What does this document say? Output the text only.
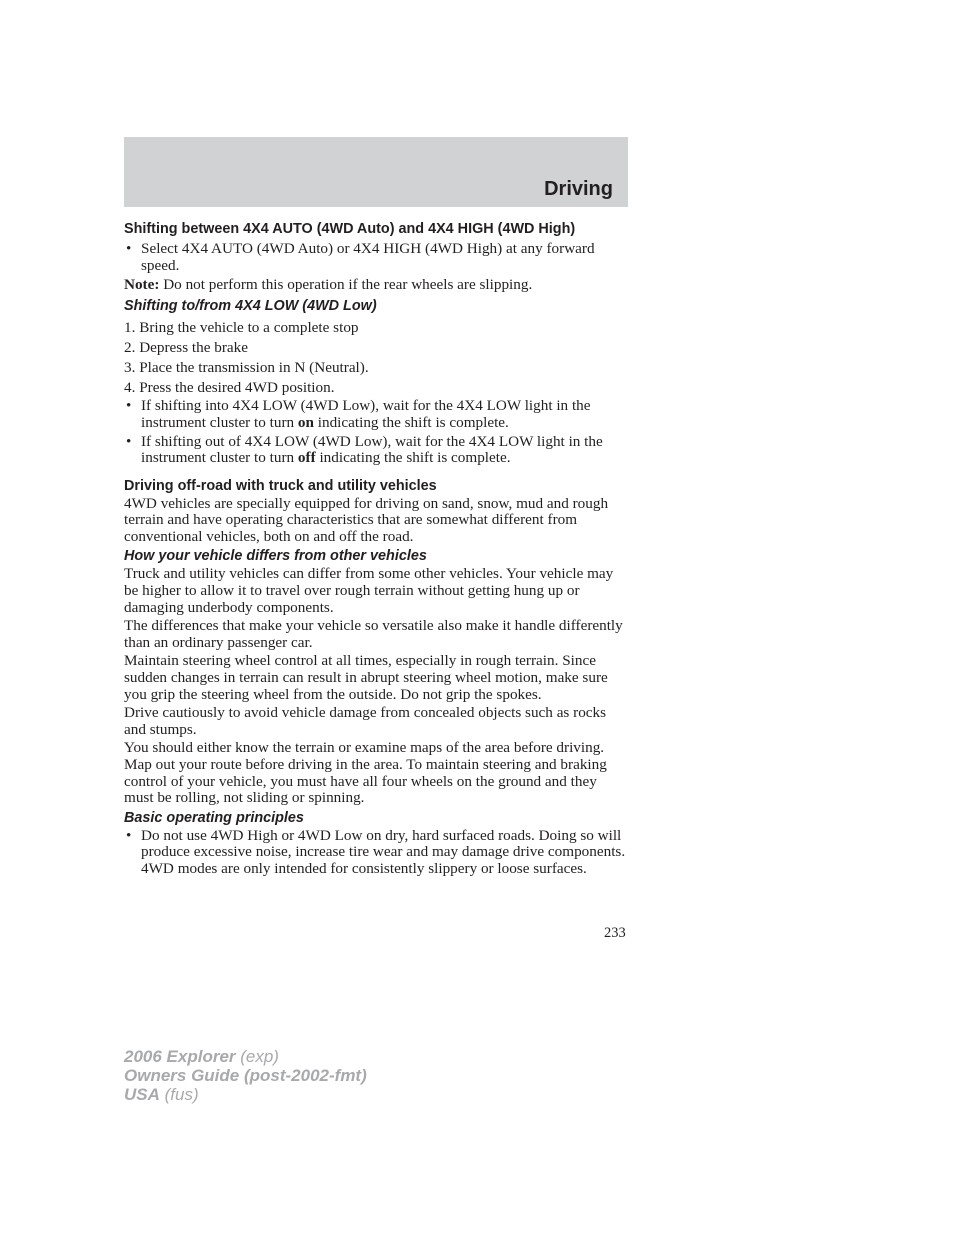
Driving
Shifting between 4X4 AUTO (4WD Auto) and 4X4 HIGH (4WD High)
• Select 4X4 AUTO (4WD Auto) or 4X4 HIGH (4WD High) at any forward speed.
Note: Do not perform this operation if the rear wheels are slipping.
Shifting to/from 4X4 LOW (4WD Low)
1. Bring the vehicle to a complete stop
2. Depress the brake
3. Place the transmission in N (Neutral).
4. Press the desired 4WD position.
• If shifting into 4X4 LOW (4WD Low), wait for the 4X4 LOW light in the instrument cluster to turn on indicating the shift is complete.
• If shifting out of 4X4 LOW (4WD Low), wait for the 4X4 LOW light in the instrument cluster to turn off indicating the shift is complete.
Driving off-road with truck and utility vehicles
4WD vehicles are specially equipped for driving on sand, snow, mud and rough terrain and have operating characteristics that are somewhat different from conventional vehicles, both on and off the road.
How your vehicle differs from other vehicles
Truck and utility vehicles can differ from some other vehicles. Your vehicle may be higher to allow it to travel over rough terrain without getting hung up or damaging underbody components.
The differences that make your vehicle so versatile also make it handle differently than an ordinary passenger car.
Maintain steering wheel control at all times, especially in rough terrain. Since sudden changes in terrain can result in abrupt steering wheel motion, make sure you grip the steering wheel from the outside. Do not grip the spokes.
Drive cautiously to avoid vehicle damage from concealed objects such as rocks and stumps.
You should either know the terrain or examine maps of the area before driving. Map out your route before driving in the area. To maintain steering and braking control of your vehicle, you must have all four wheels on the ground and they must be rolling, not sliding or spinning.
Basic operating principles
• Do not use 4WD High or 4WD Low on dry, hard surfaced roads. Doing so will produce excessive noise, increase tire wear and may damage drive components. 4WD modes are only intended for consistently slippery or loose surfaces.
233
2006 Explorer (exp)
Owners Guide (post-2002-fmt)
USA (fus)
